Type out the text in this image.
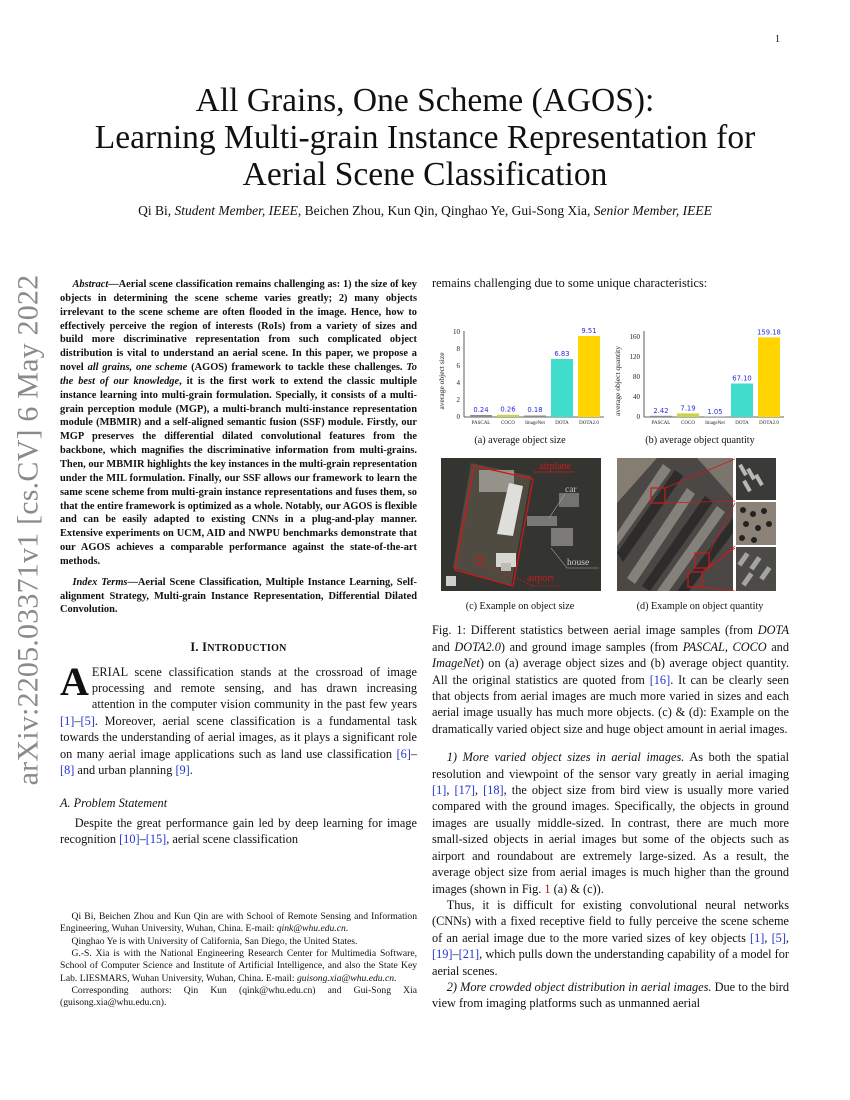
1
arXiv:2205.03371v1 [cs.CV] 6 May 2022
All Grains, One Scheme (AGOS):
Learning Multi-grain Instance Representation for
Aerial Scene Classification
Qi Bi, Student Member, IEEE, Beichen Zhou, Kun Qin, Qinghao Ye, Gui-Song Xia, Senior Member, IEEE

Abstract—Aerial scene classification remains challenging as: 1) the size of key objects in determining the scene scheme varies greatly; 2) many objects irrelevant to the scene scheme are often flooded in the image. Hence, how to effectively perceive the region of interests (RoIs) from a variety of sizes and build more discriminative representation from such complicated object distribution is vital to understand an aerial scene. In this paper, we propose a novel all grains, one scheme (AGOS) framework to tackle these challenges. To the best of our knowledge, it is the first work to extend the classic multiple instance learning into multi-grain formulation. Specially, it consists of a multi-grain perception module (MGP), a multi-branch multi-instance representation module (MBMIR) and a self-aligned semantic fusion (SSF) module. Firstly, our MGP preserves the differential dilated convolutional features from the backbone, which magnifies the discriminative information from multi-grains. Then, our MBMIR highlights the key instances in the multi-grain representation under the MIL formulation. Finally, our SSF allows our framework to learn the same scene scheme from multi-grain instance representations and fuses them, so that the entire framework is optimized as a whole. Notably, our AGOS is flexible and can be easily adapted to existing CNNs in a plug-and-play manner. Extensive experiments on UCM, AID and NWPU benchmarks demonstrate that our AGOS achieves a comparable performance against the state-of-the-art methods.

Index Terms—Aerial Scene Classification, Multiple Instance Learning, Self-alignment Strategy, Multi-grain Instance Representation, Differential Dilated Convolution.

I. INTRODUCTION

AERIAL scene classification stands at the crossroad of image processing and remote sensing, and has drawn increasing attention in the computer vision community in the past few years [1]–[5]. Moreover, aerial scene classification is a fundamental task towards the understanding of aerial images, as it plays a significant role on many aerial image applications such as land use classification [6]–[8] and urban planning [9].

A. Problem Statement

Despite the great performance gain led by deep learning for image recognition [10]–[15], aerial scene classification

Qi Bi, Beichen Zhou and Kun Qin are with School of Remote Sensing and Information Engineering, Wuhan University, Wuhan, China. E-mail: qink@whu.edu.cn.

Qinghao Ye is with University of California, San Diego, the United States.

G.-S. Xia is with the National Engineering Research Center for Multimedia Software, School of Computer Science and Institute of Artificial Intelligence, and also the State Key Lab. LIESMARS, Wuhan University, Wuhan, China. E-mail: guisong.xia@whu.edu.cn.

Corresponding authors: Qin Kun (qink@whu.edu.cn) and Gui-Song Xia (guisong.xia@whu.edu.cn).

remains challenging due to some unique characteristics:

average object size
0
2
4
6
8
10
0.24 0.26 0.18
6.83
9.51
PASCAL COCO ImageNet DOTA DOTA2.0
average object quantity
0
40
80
120
160
2.42 7.19 1.05
67.10
159.18
PASCAL COCO ImageNet DOTA DOTA2.0
(a) average object size	(b) average object quantity
airplane
airport
car
house
(c) Example on object size	(d) Example on object quantity

Fig. 1: Different statistics between aerial image samples (from DOTA and DOTA2.0) and ground image samples (from PASCAL, COCO and ImageNet) on (a) average object sizes and (b) average object quantity. All the original statistics are quoted from [16]. It can be clearly seen that objects from aerial images are much more varied in sizes and each aerial image usually has much more objects. (c) & (d): Example on the dramatically varied object size and huge object amount in aerial images.

1) More varied object sizes in aerial images. As both the spatial resolution and viewpoint of the sensor vary greatly in aerial imaging [1], [17], [18], the object size from bird view is usually more varied compared with the ground images. Specifically, the objects in ground images are usually middle-sized. In contrast, there are much more small-sized objects in aerial images but some of the objects such as airport and roundabout are extremely large-sized. As a result, the average object size from aerial images is much higher than the ground images (shown in Fig. 1 (a) & (c)).

Thus, it is difficult for existing convolutional neural networks (CNNs) with a fixed receptive field to fully perceive the scene scheme of an aerial image due to the more varied sizes of key objects [1], [5], [19]–[21], which pulls down the understanding capability of a model for aerial scenes.

2) More crowded object distribution in aerial images. Due to the bird view from imaging platforms such as unmanned aerial
